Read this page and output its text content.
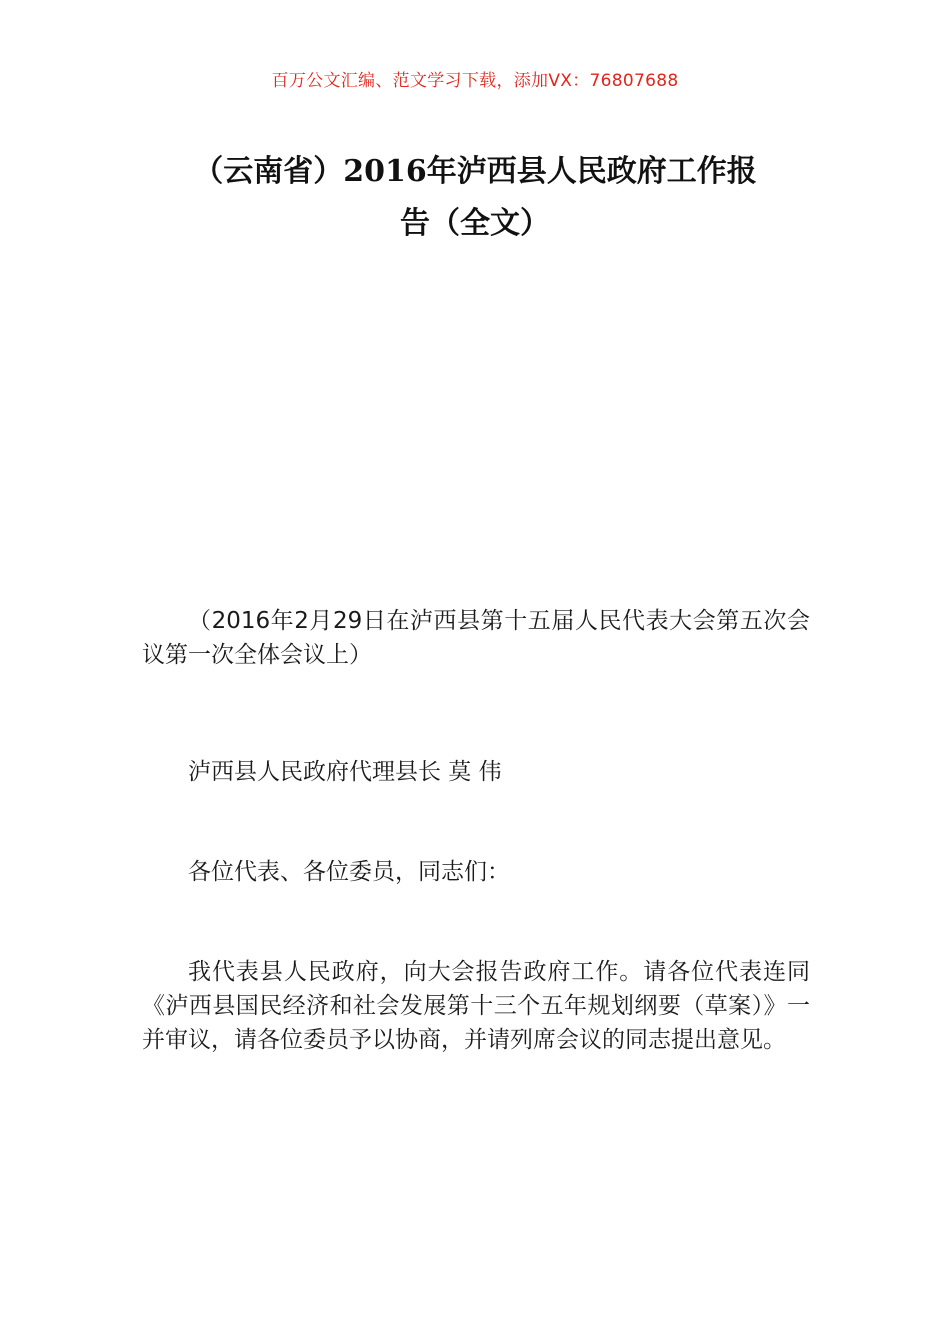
百万公文汇编、范文学习下载，添加VX：76807688
（云南省）2016年泸西县人民政府工作报
告（全文）

（2016年2月29日在泸西县第十五届人民代表大会第五次会议第一次全体会议上）

泸西县人民政府代理县长 莫 伟

各位代表、各位委员，同志们：

我代表县人民政府，向大会报告政府工作。请各位代表连同《泸西县国民经济和社会发展第十三个五年规划纲要（草案）》一并审议，请各位委员予以协商，并请列席会议的同志提出意见。
